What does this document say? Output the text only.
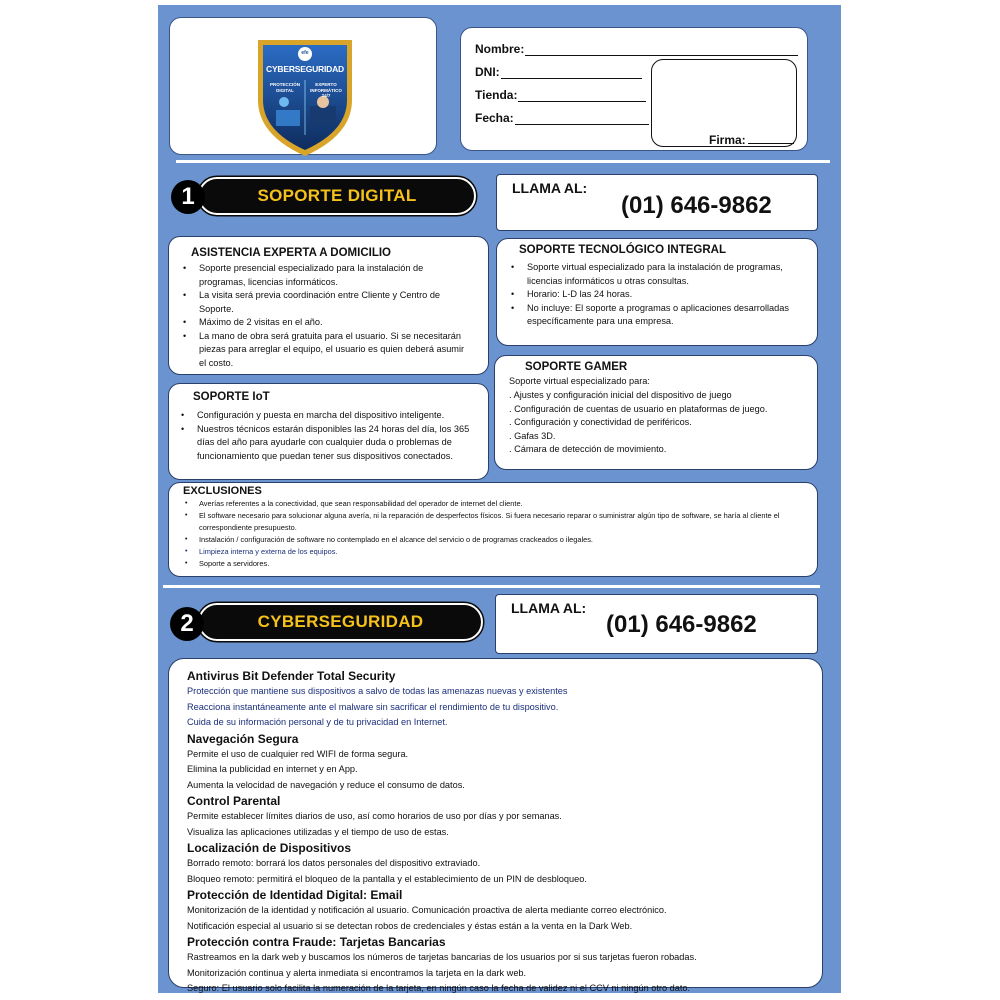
efe
CYBERSEGURIDAD
PROTECCIÓN DIGITAL
EXPERTO INFORMÁTICO 24/7
Nombre:
DNI:
Tienda:
Fecha:
Firma:
1	SOPORTE DIGITAL	LLAMA AL:
(01) 646-9862
ASISTENCIA EXPERTA A DOMICILIO
• Soporte presencial especializado para la instalación de programas, licencias informáticos.
• La visita será previa coordinación entre Cliente y Centro de Soporte.
• Máximo de 2 visitas en el año.
• La mano de obra será gratuita para el usuario. Si se necesitarán piezas para arreglar el equipo, el usuario es quien deberá asumir el costo.
SOPORTE TECNOLÓGICO INTEGRAL
• Soporte virtual especializado para la instalación de programas, licencias informáticos u otras consultas.
• Horario: L-D las 24 horas.
• No incluye: El soporte a programas o aplicaciones desarrolladas específicamente para una empresa.
SOPORTE IoT
• Configuración y puesta en marcha del dispositivo inteligente.
• Nuestros técnicos estarán disponibles las 24 horas del día, los 365 días del año para ayudarle con cualquier duda o problemas de funcionamiento que puedan tener sus dispositivos conectados.
SOPORTE GAMER
Soporte virtual especializado para:
. Ajustes y configuración inicial del dispositivo de juego
. Configuración de cuentas de usuario en plataformas de juego.
. Configuración y conectividad de periféricos.
. Gafas 3D.
. Cámara de detección de movimiento.
EXCLUSIONES
• Averías referentes a la conectividad, que sean responsabilidad del operador de internet del cliente.
• El software necesario para solucionar alguna avería, ni la reparación de desperfectos físicos. Si fuera necesario reparar o suministrar algún tipo de software, se haría al cliente el correspondiente presupuesto.
• Instalación / configuración de software no contemplado en el alcance del servicio o de programas crackeados o ilegales.
• Limpieza interna y externa de los equipos.
• Soporte a servidores.
2	CYBERSEGURIDAD
LLAMA AL:
(01) 646-9862
Antivirus Bit Defender Total Security
Protección que mantiene sus dispositivos a salvo de todas las amenazas nuevas y existentes
Reacciona instantáneamente ante el malware sin sacrificar el rendimiento de tu dispositivo.
Cuida de su información personal y de tu privacidad en Internet.
Navegación Segura
Permite el uso de cualquier red WIFI de forma segura.
Elimina la publicidad en internet y en App.
Aumenta la velocidad de navegación y reduce el consumo de datos.
Control Parental
Permite establecer límites diarios de uso, así como horarios de uso por días y por semanas.
Visualiza las aplicaciones utilizadas y el tiempo de uso de estas.
Localización de Dispositivos
Borrado remoto: borrará los datos personales del dispositivo extraviado.
Bloqueo remoto: permitirá el bloqueo de la pantalla y el establecimiento de un PIN de desbloqueo.
Protección de Identidad Digital: Email
Monitorización de la identidad y notificación al usuario. Comunicación proactiva de alerta mediante correo electrónico.
Notificación especial al usuario si se detectan robos de credenciales y éstas están a la venta en la Dark Web.
Protección contra Fraude: Tarjetas Bancarias
Rastreamos en la dark web y buscamos los números de tarjetas bancarias de los usuarios por si sus tarjetas fueron robadas.
Monitorización continua y alerta inmediata si encontramos la tarjeta en la dark web.
Seguro: El usuario solo facilita la numeración de la tarjeta, en ningún caso la fecha de validez ni el CCV ni ningún otro dato.
